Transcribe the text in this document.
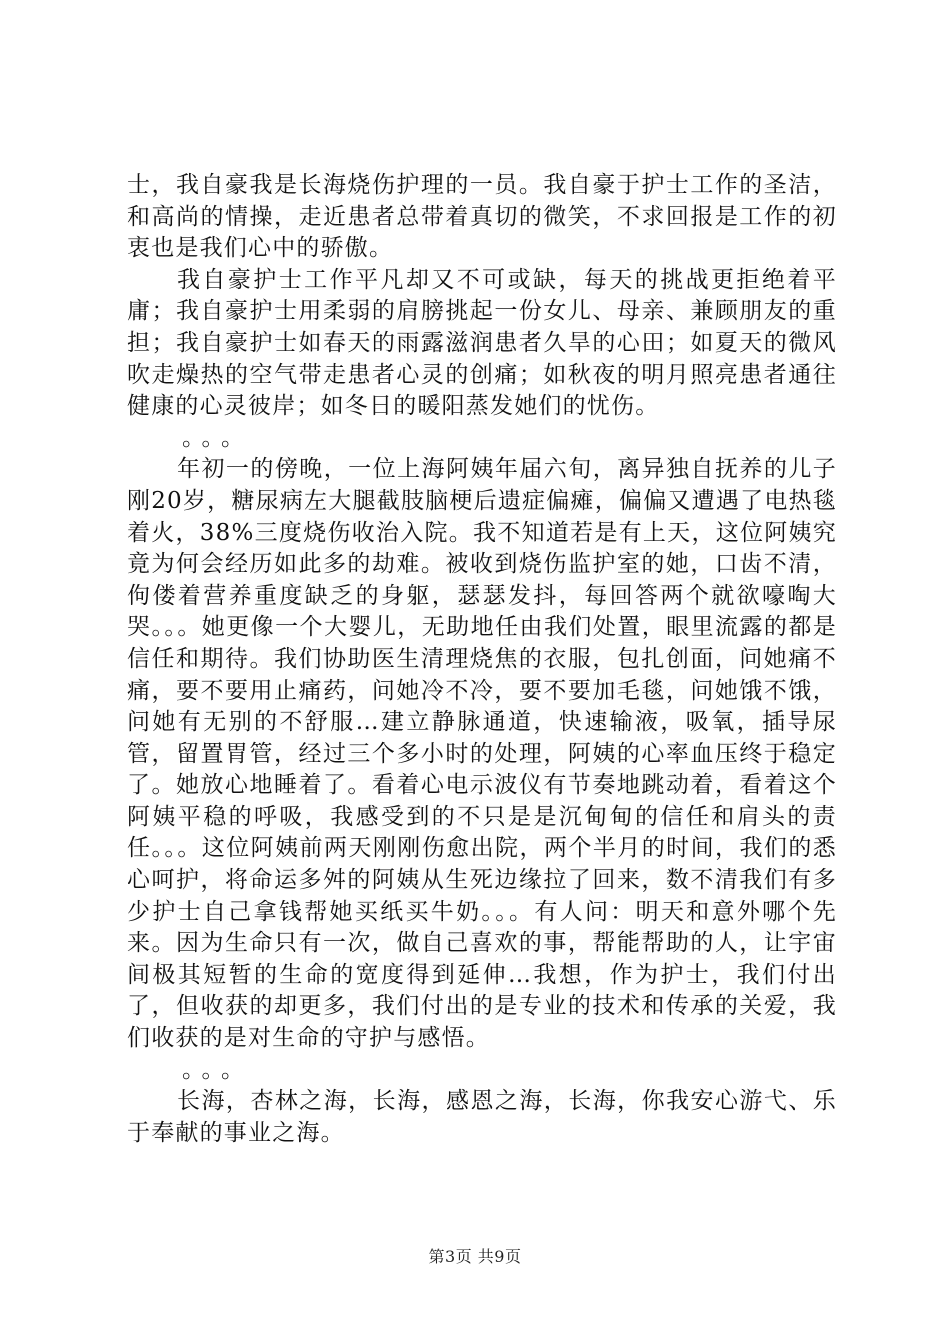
士，我自豪我是长海烧伤护理的一员。我自豪于护士工作的圣洁，和高尚的情操，走近患者总带着真切的微笑，不求回报是工作的初衷也是我们心中的骄傲。

我自豪护士工作平凡却又不可或缺，每天的挑战更拒绝着平庸；我自豪护士用柔弱的肩膀挑起一份女儿、母亲、兼顾朋友的重担；我自豪护士如春天的雨露滋润患者久旱的心田；如夏天的微风吹走燥热的空气带走患者心灵的创痛；如秋夜的明月照亮患者通往健康的心灵彼岸；如冬日的暖阳蒸发她们的忧伤。

。。。

年初一的傍晚，一位上海阿姨年届六旬，离异独自抚养的儿子刚20岁，糖尿病左大腿截肢脑梗后遗症偏瘫，偏偏又遭遇了电热毯着火，38%三度烧伤收治入院。我不知道若是有上天，这位阿姨究竟为何会经历如此多的劫难。被收到烧伤监护室的她，口齿不清，佝偻着营养重度缺乏的身躯，瑟瑟发抖，每回答两个就欲嚎啕大哭。。。她更像一个大婴儿，无助地任由我们处置，眼里流露的都是信任和期待。我们协助医生清理烧焦的衣服，包扎创面，问她痛不痛，要不要用止痛药，问她冷不冷，要不要加毛毯，问她饿不饿，问她有无别的不舒服…建立静脉通道，快速输液，吸氧，插导尿管，留置胃管，经过三个多小时的处理，阿姨的心率血压终于稳定了。她放心地睡着了。看着心电示波仪有节奏地跳动着，看着这个阿姨平稳的呼吸，我感受到的不只是是沉甸甸的信任和肩头的责任。。。这位阿姨前两天刚刚伤愈出院，两个半月的时间，我们的悉心呵护，将命运多舛的阿姨从生死边缘拉了回来，数不清我们有多少护士自己拿钱帮她买纸买牛奶。。。有人问：明天和意外哪个先来。因为生命只有一次，做自己喜欢的事，帮能帮助的人，让宇宙间极其短暂的生命的宽度得到延伸…我想，作为护士，我们付出了，但收获的却更多，我们付出的是专业的技术和传承的关爱，我们收获的是对生命的守护与感悟。

。。。

长海，杏林之海，长海，感恩之海，长海，你我安心游弋、乐于奉献的事业之海。

第3页 共9页
